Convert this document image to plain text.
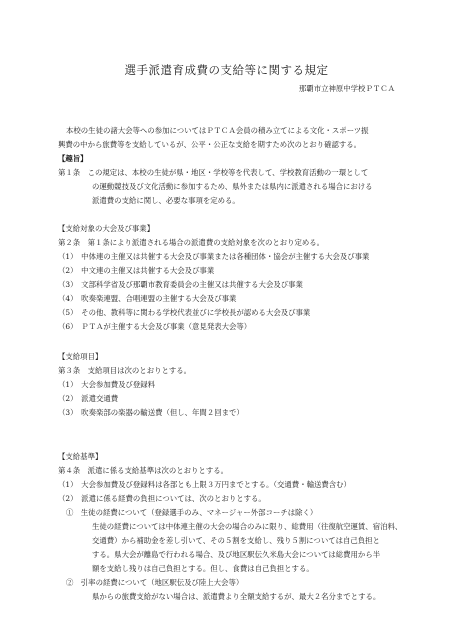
選手派遣育成費の支給等に関する規定
那覇市立神原中学校ＰＴＣＡ
本校の生徒の諸大会等への参加についてはＰＴＣＡ会員の積み立てによる文化・スポーツ振
興費の中から旅費等を支給しているが、公平・公正な支給を期すため次のとおり確認する。
【趣旨】
第１条　この規定は、本校の生徒が県・地区・学校等を代表して、学校教育活動の一環として
の運動競技及び文化活動に参加するため、県外または県内に派遣される場合における
派遣費の支給に関し、必要な事項を定める。
【支給対象の大会及び事業】
第２条　第１条により派遣される場合の派遣費の支給対象を次のとおり定める。
（1）　中体連の主催又は共催する大会及び事業または各種団体・協会が主催する大会及び事業
（2）　中文連の主催又は共催する大会及び事業
（3）　文部科学省及び那覇市教育委員会の主催又は共催する大会及び事業
（4）　吹奏楽連盟、合唱連盟の主催する大会及び事業
（5）　その他、教科等に関わる学校代表並びに学校長が認める大会及び事業
（6）　ＰＴＡが主催する大会及び事業（意見発表大会等）
【支給項目】
第３条　支給項目は次のとおりとする。
（1）　大会参加費及び登録料
（2）　派遣交通費
（3）　吹奏楽部の楽器の輸送費（但し、年間２回まで）
【支給基準】
第４条　派遣に係る支給基準は次のとおりとする。
（1）　大会参加費及び登録料は各部とも上限３万円までとする。（交通費・輸送費含む）
（2）　派遣に係る経費の負担については、次のとおりとする。
①　生徒の経費について（登録選手のみ、マネージャー外部コーチは除く）
生徒の経費については中体連主催の大会の場合のみに限り、総費用（往復航空運賃、宿泊料、
交通費）から補助金を差し引いて、その５割を支給し、残り５割については自己負担と
する。県大会が離島で行われる場合、及び地区駅伝久米島大会については総費用から半
額を支給し残りは自己負担とする。但し、食費は自己負担とする。
②　引率の経費について（地区駅伝及び陸上大会等）
県からの旅費支給がない場合は、派遣費より全額支給するが、最大２名分までとする。
